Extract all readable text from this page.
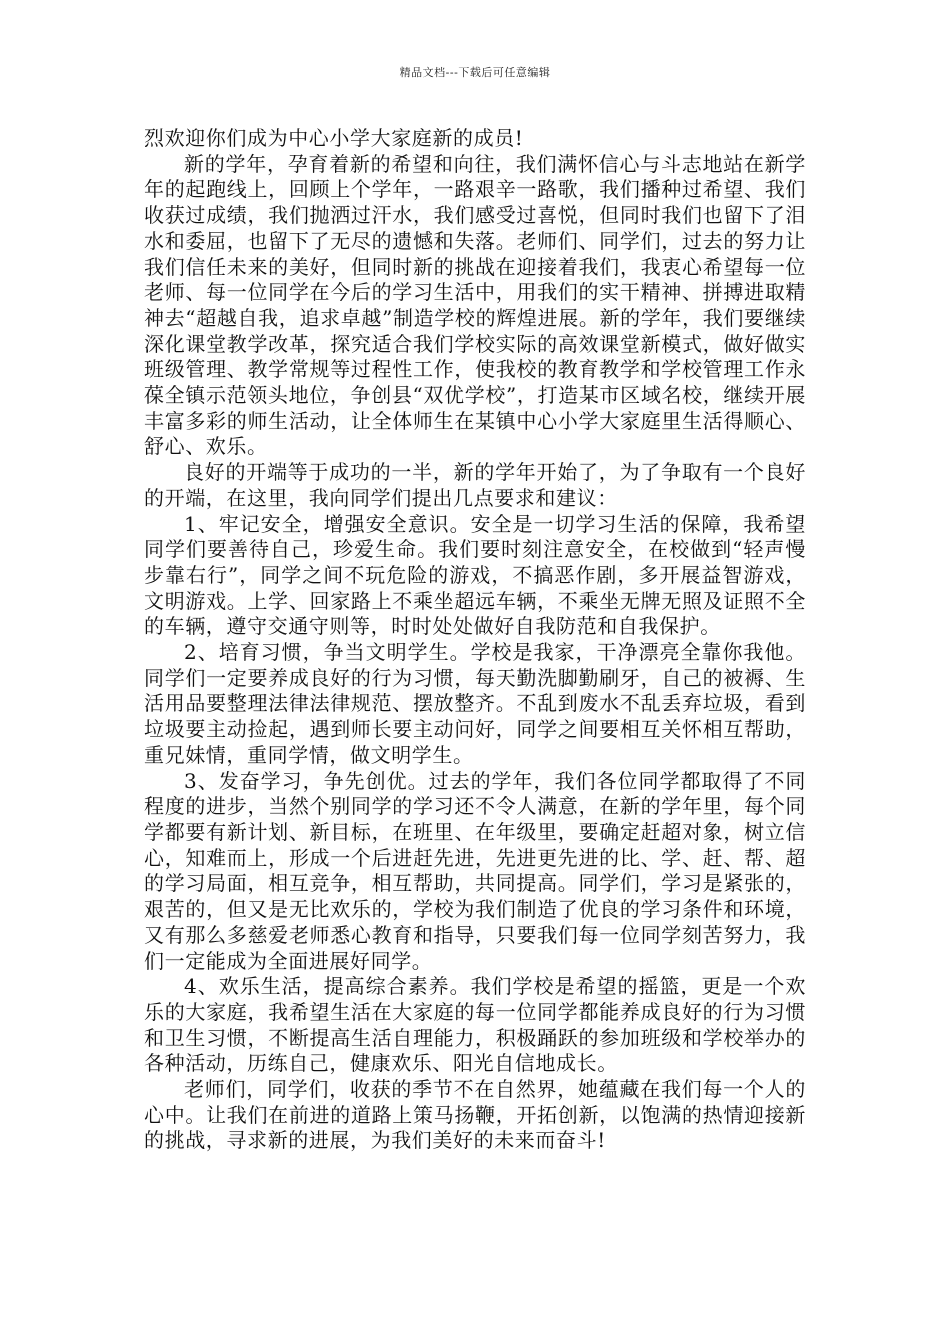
精品文档---下载后可任意编辑

烈欢迎你们成为中心小学大家庭新的成员!

新的学年，孕育着新的希望和向往，我们满怀信心与斗志地站在新学年的起跑线上，回顾上个学年，一路艰辛一路歌，我们播种过希望、我们收获过成绩，我们抛洒过汗水，我们感受过喜悦，但同时我们也留下了泪水和委屈，也留下了无尽的遗憾和失落。老师们、同学们，过去的努力让我们信任未来的美好，但同时新的挑战在迎接着我们，我衷心希望每一位老师、每一位同学在今后的学习生活中，用我们的实干精神、拼搏进取精神去“超越自我，追求卓越”制造学校的辉煌进展。新的学年，我们要继续深化课堂教学改革，探究适合我们学校实际的高效课堂新模式，做好做实班级管理、教学常规等过程性工作，使我校的教育教学和学校管理工作永葆全镇示范领头地位，争创县“双优学校”，打造某市区域名校，继续开展丰富多彩的师生活动，让全体师生在某镇中心小学大家庭里生活得顺心、舒心、欢乐。

良好的开端等于成功的一半，新的学年开始了，为了争取有一个良好的开端，在这里，我向同学们提出几点要求和建议：

1、牢记安全，增强安全意识。安全是一切学习生活的保障，我希望同学们要善待自己，珍爱生命。我们要时刻注意安全，在校做到“轻声慢步靠右行”，同学之间不玩危险的游戏，不搞恶作剧，多开展益智游戏，文明游戏。上学、回家路上不乘坐超远车辆，不乘坐无牌无照及证照不全的车辆，遵守交通守则等，时时处处做好自我防范和自我保护。

2、培育习惯，争当文明学生。学校是我家，干净漂亮全靠你我他。同学们一定要养成良好的行为习惯，每天勤洗脚勤刷牙，自己的被褥、生活用品要整理法律法律规范、摆放整齐。不乱到废水不乱丢弃垃圾，看到垃圾要主动捡起，遇到师长要主动问好，同学之间要相互关怀相互帮助，重兄妹情，重同学情，做文明学生。

3、发奋学习，争先创优。过去的学年，我们各位同学都取得了不同程度的进步，当然个别同学的学习还不令人满意，在新的学年里，每个同学都要有新计划、新目标，在班里、在年级里，要确定赶超对象，树立信心，知难而上，形成一个后进赶先进，先进更先进的比、学、赶、帮、超的学习局面，相互竞争，相互帮助，共同提高。同学们，学习是紧张的，艰苦的，但又是无比欢乐的，学校为我们制造了优良的学习条件和环境，又有那么多慈爱老师悉心教育和指导，只要我们每一位同学刻苦努力，我们一定能成为全面进展好同学。

4、欢乐生活，提高综合素养。我们学校是希望的摇篮，更是一个欢乐的大家庭，我希望生活在大家庭的每一位同学都能养成良好的行为习惯和卫生习惯，不断提高生活自理能力，积极踊跃的参加班级和学校举办的各种活动，历练自己，健康欢乐、阳光自信地成长。

老师们，同学们，收获的季节不在自然界，她蕴藏在我们每一个人的心中。让我们在前进的道路上策马扬鞭，开拓创新，以饱满的热情迎接新的挑战，寻求新的进展，为我们美好的未来而奋斗!
